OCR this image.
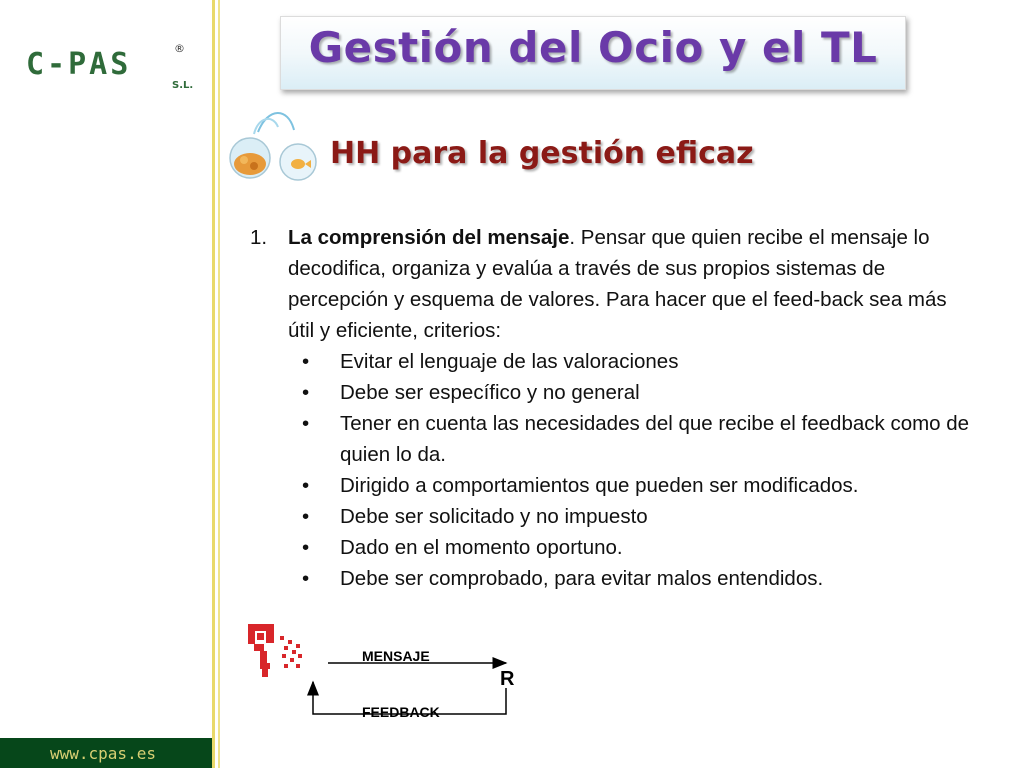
C-PAS	®
S.L.
www.cpas.es
Gestión del Ocio y el TL
HH para la gestión eficaz
1. La comprensión del mensaje. Pensar que quien recibe el mensaje lo decodifica, organiza y evalúa a través de sus propios sistemas de percepción y esquema de valores. Para hacer que el feed-back sea más útil y eficiente, criterios:
• Evitar el lenguaje de las valoraciones
• Debe ser específico y no general
• Tener en cuenta las necesidades del que recibe el feedback como de quien lo da.
• Dirigido a comportamientos que pueden ser modificados.
• Debe ser solicitado y no impuesto
• Dado en el momento oportuno.
• Debe ser comprobado, para evitar malos entendidos.
MENSAJE
R
FEEDBACK
